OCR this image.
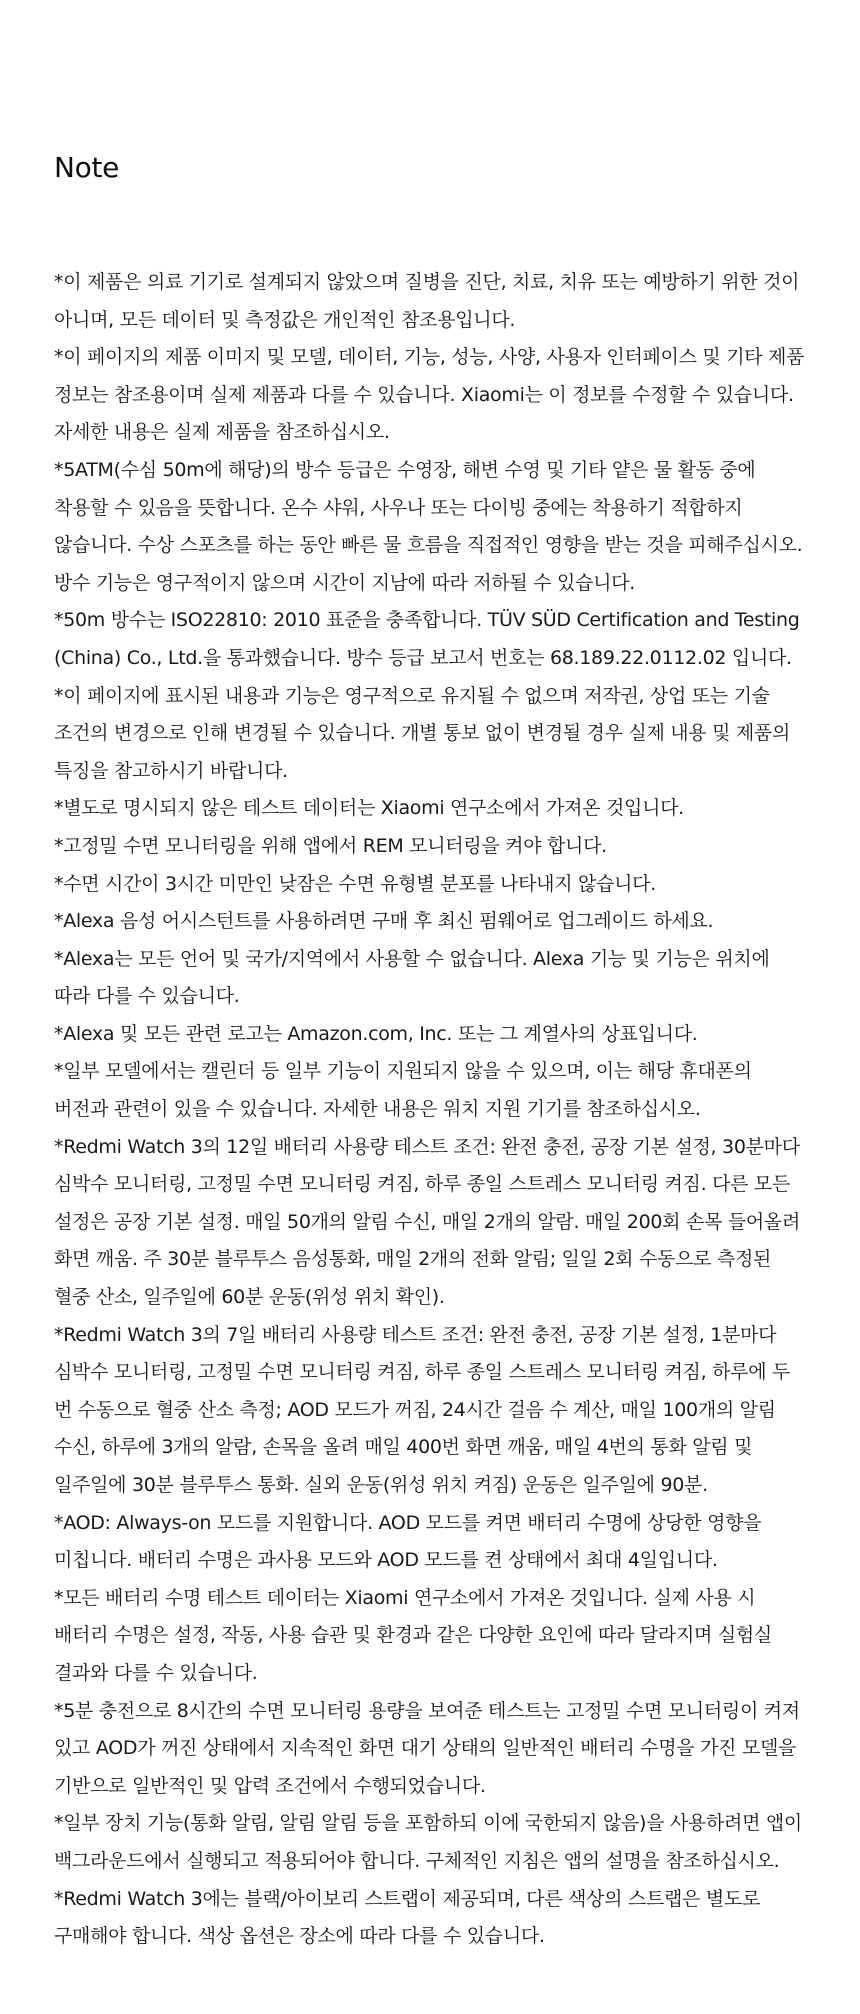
Note
*이 제품은 의료 기기로 설계되지 않았으며 질병을 진단, 치료, 치유 또는 예방하기 위한 것이 아니며, 모든 데이터 및 측정값은 개인적인 참조용입니다.
*이 페이지의 제품 이미지 및 모델, 데이터, 기능, 성능, 사양, 사용자 인터페이스 및 기타 제품 정보는 참조용이며 실제 제품과 다를 수 있습니다. Xiaomi는 이 정보를 수정할 수 있습니다. 자세한 내용은 실제 제품을 참조하십시오.
*5ATM(수심 50m에 해당)의 방수 등급은 수영장, 해변 수영 및 기타 얕은 물 활동 중에 착용할 수 있음을 뜻합니다. 온수 샤워, 사우나 또는 다이빙 중에는 착용하기 적합하지 않습니다. 수상 스포츠를 하는 동안 빠른 물 흐름을 직접적인 영향을 받는 것을 피해주십시오. 방수 기능은 영구적이지 않으며 시간이 지남에 따라 저하될 수 있습니다.
*50m 방수는 ISO22810: 2010 표준을 충족합니다. TÜV SÜD Certification and Testing (China) Co., Ltd.을 통과했습니다. 방수 등급 보고서 번호는 68.189.22.0112.02 입니다.
*이 페이지에 표시된 내용과 기능은 영구적으로 유지될 수 없으며 저작권, 상업 또는 기술 조건의 변경으로 인해 변경될 수 있습니다. 개별 통보 없이 변경될 경우 실제 내용 및 제품의 특징을 참고하시기 바랍니다.
*별도로 명시되지 않은 테스트 데이터는 Xiaomi 연구소에서 가져온 것입니다.
*고정밀 수면 모니터링을 위해 앱에서 REM 모니터링을 켜야 합니다.
*수면 시간이 3시간 미만인 낮잠은 수면 유형별 분포를 나타내지 않습니다.
*Alexa 음성 어시스턴트를 사용하려면 구매 후 최신 펌웨어로 업그레이드 하세요.
*Alexa는 모든 언어 및 국가/지역에서 사용할 수 없습니다. Alexa 기능 및 기능은 위치에 따라 다를 수 있습니다.
*Alexa 및 모든 관련 로고는 Amazon.com, Inc. 또는 그 계열사의 상표입니다.
*일부 모델에서는 캘린더 등 일부 기능이 지원되지 않을 수 있으며, 이는 해당 휴대폰의 버전과 관련이 있을 수 있습니다. 자세한 내용은 워치 지원 기기를 참조하십시오.
*Redmi Watch 3의 12일 배터리 사용량 테스트 조건: 완전 충전, 공장 기본 설정, 30분마다 심박수 모니터링, 고정밀 수면 모니터링 켜짐, 하루 종일 스트레스 모니터링 켜짐. 다른 모든 설정은 공장 기본 설정. 매일 50개의 알림 수신, 매일 2개의 알람. 매일 200회 손목 들어올려 화면 깨움. 주 30분 블루투스 음성통화, 매일 2개의 전화 알림; 일일 2회 수동으로 측정된 혈중 산소, 일주일에 60분 운동(위성 위치 확인).
*Redmi Watch 3의 7일 배터리 사용량 테스트 조건: 완전 충전, 공장 기본 설정, 1분마다 심박수 모니터링, 고정밀 수면 모니터링 켜짐, 하루 종일 스트레스 모니터링 켜짐, 하루에 두 번 수동으로 혈중 산소 측정; AOD 모드가 꺼짐, 24시간 걸음 수 계산, 매일 100개의 알림 수신, 하루에 3개의 알람, 손목을 올려 매일 400번 화면 깨움, 매일 4번의 통화 알림 및 일주일에 30분 블루투스 통화. 실외 운동(위성 위치 켜짐) 운동은 일주일에 90분.
*AOD: Always-on 모드를 지원합니다. AOD 모드를 켜면 배터리 수명에 상당한 영향을 미칩니다. 배터리 수명은 과사용 모드와 AOD 모드를 켠 상태에서 최대 4일입니다.
*모든 배터리 수명 테스트 데이터는 Xiaomi 연구소에서 가져온 것입니다. 실제 사용 시 배터리 수명은 설정, 작동, 사용 습관 및 환경과 같은 다양한 요인에 따라 달라지며 실험실 결과와 다를 수 있습니다.
*5분 충전으로 8시간의 수면 모니터링 용량을 보여준 테스트는 고정밀 수면 모니터링이 켜져 있고 AOD가 꺼진 상태에서 지속적인 화면 대기 상태의 일반적인 배터리 수명을 가진 모델을 기반으로 일반적인 및 압력 조건에서 수행되었습니다.
*일부 장치 기능(통화 알림, 알림 알림 등을 포함하되 이에 국한되지 않음)을 사용하려면 앱이 백그라운드에서 실행되고 적용되어야 합니다. 구체적인 지침은 앱의 설명을 참조하십시오.
*Redmi Watch 3에는 블랙/아이보리 스트랩이 제공되며, 다른 색상의 스트랩은 별도로 구매해야 합니다. 색상 옵션은 장소에 따라 다를 수 있습니다.
